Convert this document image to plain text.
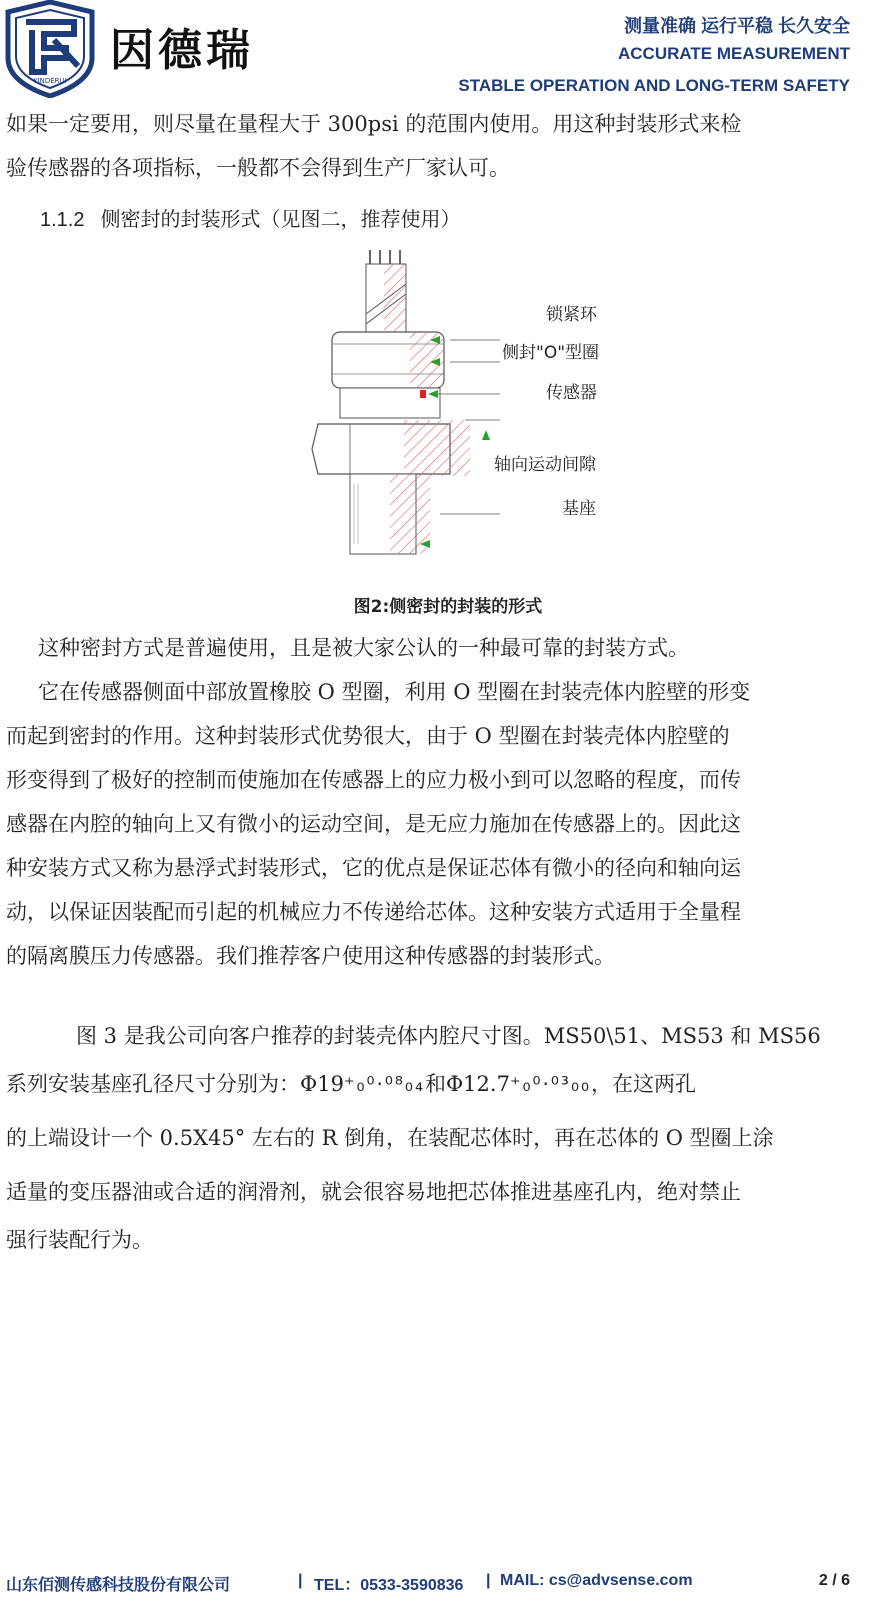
YINDERUI
因德瑞	测量准确 运行平稳 长久安全
ACCURATE MEASUREMENT
STABLE OPERATION AND LONG-TERM SAFETY
如果一定要用，则尽量在量程大于 300psi 的范围内使用。用这种封装形式来检
验传感器的各项指标，一般都不会得到生产厂家认可。
1.1.2 侧密封的封装形式（见图二，推荐使用）
锁紧环
侧封"O"型圈
传感器
轴向运动间隙
基座
图2:侧密封的封装的形式
这种密封方式是普遍使用，且是被大家公认的一种最可靠的封装方式。
它在传感器侧面中部放置橡胶 O 型圈，利用 O 型圈在封装壳体内腔壁的形变
而起到密封的作用。这种封装形式优势很大，由于 O 型圈在封装壳体内腔壁的
形变得到了极好的控制而使施加在传感器上的应力极小到可以忽略的程度，而传
感器在内腔的轴向上又有微小的运动空间，是无应力施加在传感器上的。因此这
种安装方式又称为悬浮式封装形式，它的优点是保证芯体有微小的径向和轴向运
动，以保证因装配而引起的机械应力不传递给芯体。这种安装方式适用于全量程
的隔离膜压力传感器。我们推荐客户使用这种传感器的封装形式。
图 3 是我公司向客户推荐的封装壳体内腔尺寸图。MS50\51、MS53 和 MS56
系列安装基座孔径尺寸分别为：Φ19⁺₀⁰·⁰⁸₀₄和Φ12.7⁺₀⁰·⁰³₀₀，在这两孔
的上端设计一个 0.5X45° 左右的 R 倒角，在装配芯体时，再在芯体的 O 型圈上涂
适量的变压器油或合适的润滑剂，就会很容易地把芯体推进基座孔内，绝对禁止
强行装配行为。
山东佰测传感科技股份有限公司	| TEL：0533-3590836 | MAIL: cs@advsense.com	2 / 6
